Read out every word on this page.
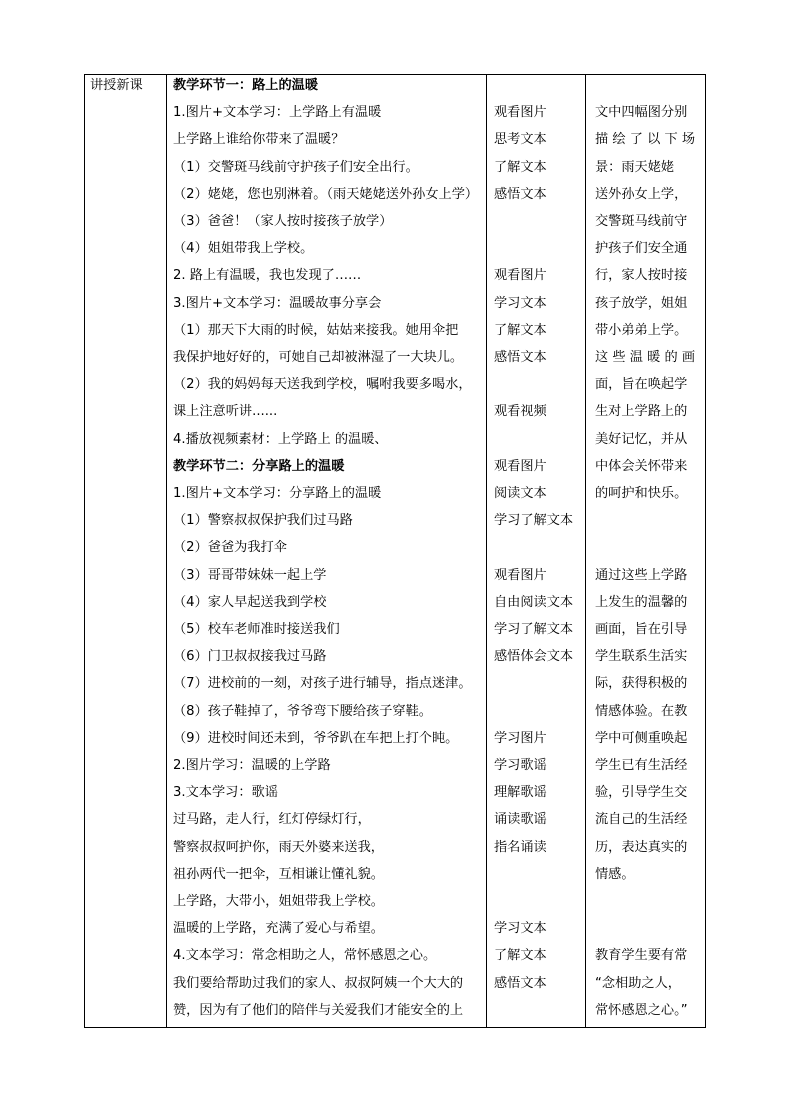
讲授新课 教学环节一：路上的温暖
1.图片+文本学习：上学路上有温暖
上学路上谁给你带来了温暖？
（1）交警斑马线前守护孩子们安全出行。
（2）姥姥，您也别淋着。（雨天姥姥送外孙女上学）
（3）爸爸！（家人按时接孩子放学）
（4）姐姐带我上学校。
2. 路上有温暖，我也发现了……
3.图片+文本学习：温暖故事分享会
（1）那天下大雨的时候，姑姑来接我。她用伞把
我保护地好好的，可她自己却被淋湿了一大块儿。
（2）我的妈妈每天送我到学校，嘱咐我要多喝水，
课上注意听讲......
4.播放视频素材：上学路上 的温暖、
教学环节二：分享路上的温暖
1.图片+文本学习：分享路上的温暖
（1）警察叔叔保护我们过马路
（2）爸爸为我打伞
（3）哥哥带妹妹一起上学
（4）家人早起送我到学校
（5）校车老师准时接送我们
（6）门卫叔叔接我过马路
（7）进校前的一刻，对孩子进行辅导，指点迷津。
（8）孩子鞋掉了，爷爷弯下腰给孩子穿鞋。
（9）进校时间还未到，爷爷趴在车把上打个盹。
2.图片学习：温暖的上学路
3.文本学习：歌谣
过马路，走人行，红灯停绿灯行，
警察叔叔呵护你，雨天外婆来送我，
祖孙两代一把伞，互相谦让懂礼貌。
上学路，大带小，姐姐带我上学校。
温暖的上学路，充满了爱心与希望。
4.文本学习：常念相助之人，常怀感恩之心。
我们要给帮助过我们的家人、叔叔阿姨一个大大的
赞，因为有了他们的陪伴与关爱我们才能安全的上
观看图片
思考文本
了解文本
感悟文本
观看图片
学习文本
了解文本
感悟文本
观看视频
观看图片
阅读文本
学习了解文本
观看图片
自由阅读文本
学习了解文本
感悟体会文本
学习图片
学习歌谣
理解歌谣
诵读歌谣
指名诵读
学习文本
了解文本
感悟文本
文中四幅图分别
描 绘 了 以 下 场
景：雨天姥姥
送外孙女上学，
交警斑马线前守
护孩子们安全通
行，家人按时接
孩子放学，姐姐
带小弟弟上学。
这 些 温 暖 的 画
面，旨在唤起学
生对上学路上的
美好记忆，并从
中体会关怀带来
的呵护和快乐。
通过这些上学路
上发生的温馨的
画面，旨在引导
学生联系生活实
际，获得积极的
情感体验。在教
学中可侧重唤起
学生已有生活经
验，引导学生交
流自己的生活经
历，表达真实的
情感。
教育学生要有常
“念相助之人，
常怀感恩之心。”
